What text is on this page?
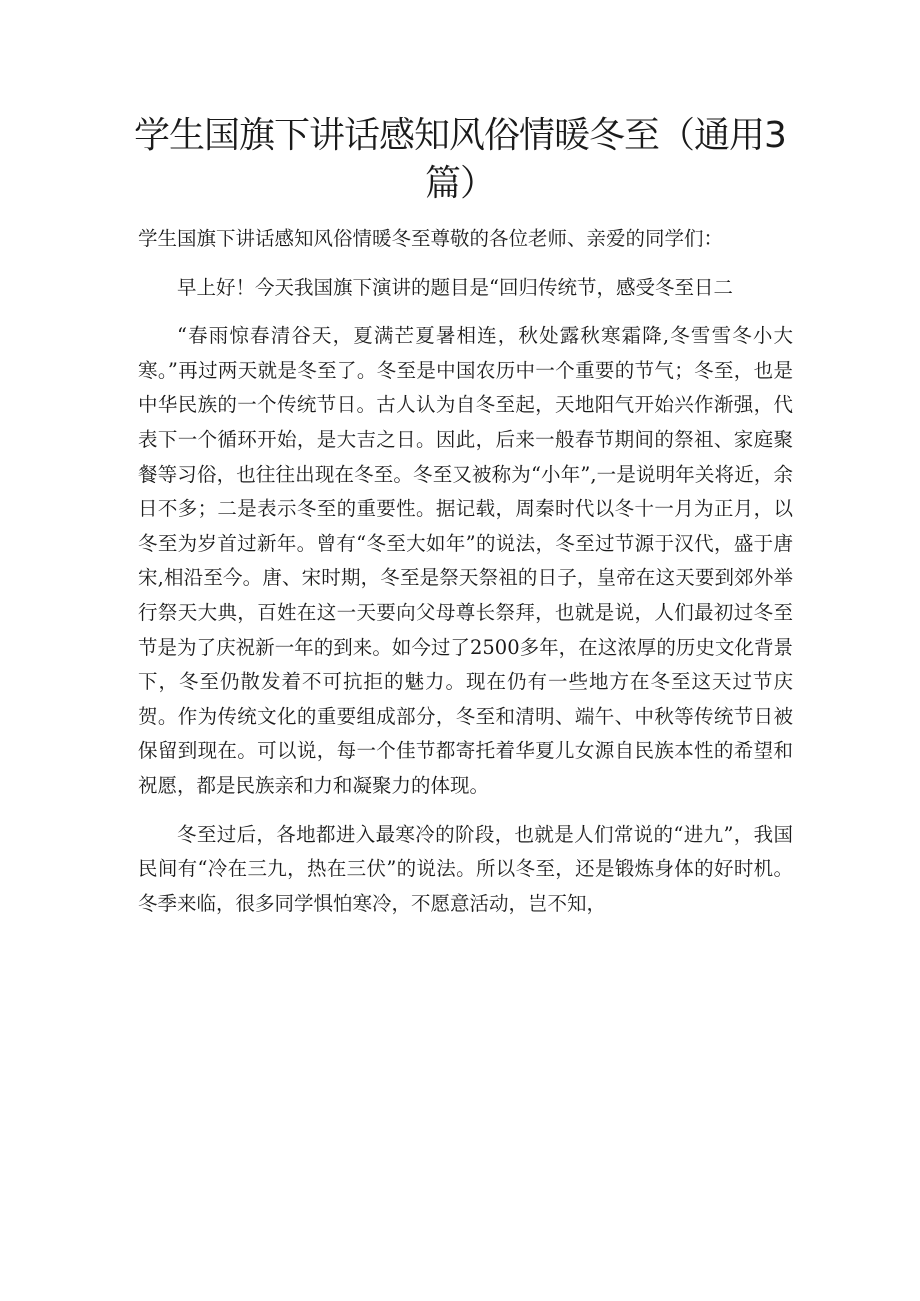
学生国旗下讲话感知风俗情暖冬至（通用3篇）

学生国旗下讲话感知风俗情暖冬至尊敬的各位老师、亲爱的同学们：

早上好！今天我国旗下演讲的题目是“回归传统节，感受冬至日二

“春雨惊春清谷天，夏满芒夏暑相连，秋处露秋寒霜降,冬雪雪冬小大寒。”再过两天就是冬至了。冬至是中国农历中一个重要的节气；冬至，也是中华民族的一个传统节日。古人认为自冬至起，天地阳气开始兴作渐强，代表下一个循环开始，是大吉之日。因此，后来一般春节期间的祭祖、家庭聚餐等习俗，也往往出现在冬至。冬至又被称为“小年”,一是说明年关将近，余日不多；二是表示冬至的重要性。据记载，周秦时代以冬十一月为正月，以冬至为岁首过新年。曾有“冬至大如年”的说法，冬至过节源于汉代，盛于唐宋,相沿至今。唐、宋时期，冬至是祭天祭祖的日子，皇帝在这天要到郊外举行祭天大典，百姓在这一天要向父母尊长祭拜，也就是说，人们最初过冬至节是为了庆祝新一年的到来。如今过了2500多年，在这浓厚的历史文化背景下，冬至仍散发着不可抗拒的魅力。现在仍有一些地方在冬至这天过节庆贺。作为传统文化的重要组成部分，冬至和清明、端午、中秋等传统节日被保留到现在。可以说，每一个佳节都寄托着华夏儿女源自民族本性的希望和祝愿，都是民族亲和力和凝聚力的体现。

冬至过后，各地都进入最寒冷的阶段，也就是人们常说的“进九”，我国民间有“冷在三九，热在三伏”的说法。所以冬至，还是锻炼身体的好时机。冬季来临，很多同学惧怕寒冷，不愿意活动，岂不知，
